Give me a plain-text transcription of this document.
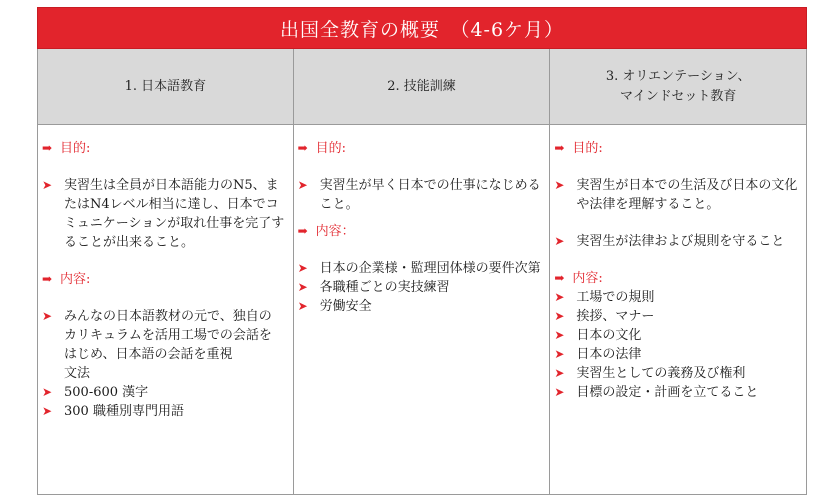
出国全教育の概要　（4-6ケ月）
1. 日本語教育	2. 技能訓練
3. オリエンテーション、
マインドセット教育
➡ 目的:
➤ 実習生は全員が日本語能力のN5、またはN4レベル相当に達し、日本でコミュニケーションが取れ仕事を完了することが出来ること。
➡ 内容:
➤ みんなの日本語教材の元で、独自のカリキュラムを活用工場での会話をはじめ、日本語の会話を重視
文法
➤ 500-600 漢字
➤ 300 職種別専門用語
➡ 目的:
➤ 実習生が早く日本での仕事になじめること。
➡ 内容：
➤ 日本の企業様・監理団体様の要件次第
➤ 各職種ごとの実技練習
➤ 労働安全
➡ 目的:
➤ 実習生が日本での生活及び日本の文化や法律を理解すること。
➤ 実習生が法律および規則を守ること
➡ 内容:
➤ 工場での規則
➤ 挨拶、マナー
➤ 日本の文化
➤ 日本の法律
➤ 実習生としての義務及び権利
➤ 目標の設定・計画を立てること
